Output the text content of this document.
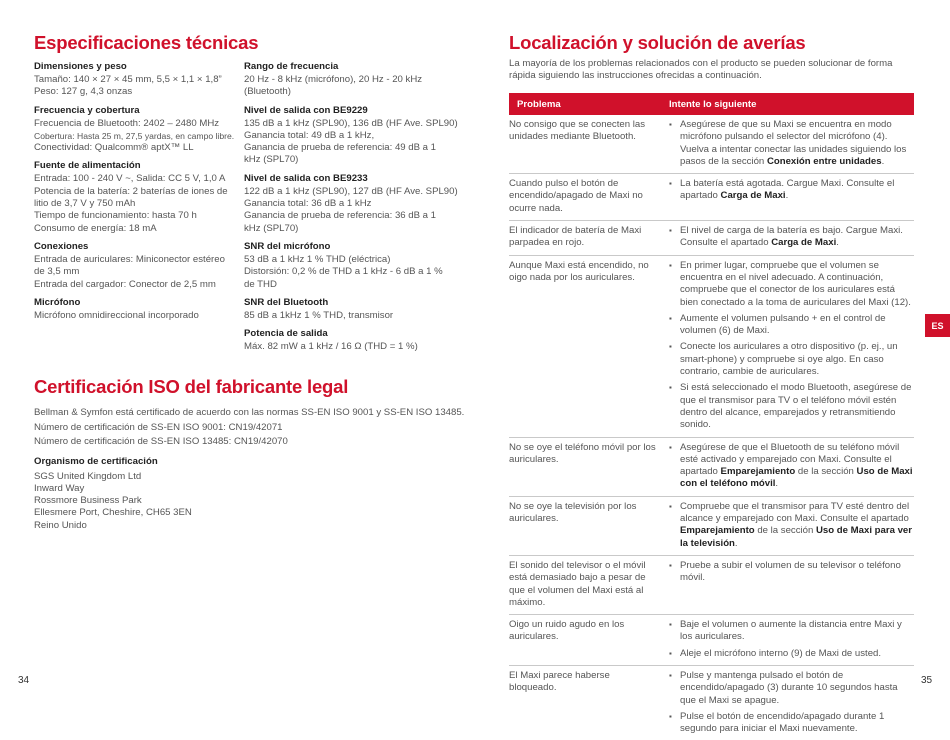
Especificaciones técnicas
Dimensiones y peso
Tamaño: 140 × 27 × 45 mm, 5,5 × 1,1 × 1,8”
Peso: 127 g, 4,3 onzas
Frecuencia y cobertura
Frecuencia de Bluetooth: 2402 – 2480 MHz
Cobertura: Hasta 25 m, 27,5 yardas, en campo libre.
Conectividad: Qualcomm® aptX™ LL
Fuente de alimentación
Entrada: 100 - 240 V ~, Salida: CC 5 V, 1,0 A
Potencia de la batería: 2 baterías de iones de
litio de 3,7 V y 750 mAh
Tiempo de funcionamiento: hasta 70 h
Consumo de energía: 18 mA
Conexiones
Entrada de auriculares: Miniconector estéreo
de 3,5 mm
Entrada del cargador: Conector de 2,5 mm
Micrófono
Micrófono omnidireccional incorporado
Rango de frecuencia
20 Hz - 8 kHz (micrófono), 20 Hz - 20 kHz
(Bluetooth)
Nivel de salida con BE9229
135 dB a 1 kHz (SPL90), 136 dB (HF Ave. SPL90)
Ganancia total: 49 dB a 1 kHz,
Ganancia de prueba de referencia: 49 dB a 1
kHz (SPL70)
Nivel de salida con BE9233
122 dB a 1 kHz (SPL90), 127 dB (HF Ave. SPL90)
Ganancia total: 36 dB a 1 kHz
Ganancia de prueba de referencia: 36 dB a 1
kHz (SPL70)
SNR del micrófono
53 dB a 1 kHz 1 % THD (eléctrica)
Distorsión: 0,2 % de THD a 1 kHz - 6 dB a 1 %
de THD
SNR del Bluetooth
85 dB a 1kHz 1 % THD, transmisor
Potencia de salida
Máx. 82 mW a 1 kHz / 16 Ω (THD = 1 %)
Certificación ISO del fabricante legal
Bellman & Symfon está certificado de acuerdo con las normas SS-EN ISO 9001 y SS-EN ISO 13485.
Número de certificación de SS-EN ISO 9001: CN19/42071
Número de certificación de SS-EN ISO 13485: CN19/42070
Organismo de certificación
SGS United Kingdom Ltd
Inward Way
Rossmore Business Park
Ellesmere Port, Cheshire, CH65 3EN
Reino Unido
34
Localización y solución de averías
La mayoría de los problemas relacionados con el producto se pueden solucionar de forma rápida siguiendo las instrucciones ofrecidas a continuación.
Problema	Intente lo siguiente
No consigo que se conecten las unidades mediante Bluetooth.
▪ Asegúrese de que su Maxi se encuentra en modo micrófono pulsando el selector del micrófono (4). Vuelva a intentar conectar las unidades siguiendo los pasos de la sección Conexión entre unidades.
Cuando pulso el botón de encendido/apagado de Maxi no ocurre nada.
▪ La batería está agotada. Cargue Maxi. Consulte el apartado Carga de Maxi.
El indicador de batería de Maxi parpadea en rojo.
▪ El nivel de carga de la batería es bajo. Cargue Maxi. Consulte el apartado Carga de Maxi.
Aunque Maxi está encendido, no oigo nada por los auriculares.
▪ En primer lugar, compruebe que el volumen se encuentra en el nivel adecuado. A continuación, compruebe que el conector de los auriculares está bien conectado a la toma de auriculares del Maxi (12).
▪ Aumente el volumen pulsando + en el control de volumen (6) de Maxi.
▪ Conecte los auriculares a otro dispositivo (p. ej., un smart-phone) y compruebe si oye algo. En caso contrario, cambie de auriculares.
▪ Si está seleccionado el modo Bluetooth, asegúrese de que el transmisor para TV o el teléfono móvil estén dentro del alcance, emparejados y retransmitiendo sonido.
No se oye el teléfono móvil por los auriculares.
▪ Asegúrese de que el Bluetooth de su teléfono móvil esté activado y emparejado con Maxi. Consulte el apartado Emparejamiento de la sección Uso de Maxi con el teléfono móvil.
No se oye la televisión por los auriculares.
▪ Compruebe que el transmisor para TV esté dentro del alcance y emparejado con Maxi. Consulte el apartado Emparejamiento de la sección Uso de Maxi para ver la televisión.
El sonido del televisor o el móvil está demasiado bajo a pesar de que el volumen del Maxi está al máximo.
▪ Pruebe a subir el volumen de su televisor o teléfono móvil.
Oigo un ruido agudo en los auriculares.
▪ Baje el volumen o aumente la distancia entre Maxi y los auriculares.
▪ Aleje el micrófono interno (9) de Maxi de usted.
El Maxi parece haberse bloqueado.
▪ Pulse y mantenga pulsado el botón de encendido/apagado (3) durante 10 segundos hasta que el Maxi se apague.
▪ Pulse el botón de encendido/apagado durante 1 segundo para iniciar el Maxi nuevamente.
ES
35
